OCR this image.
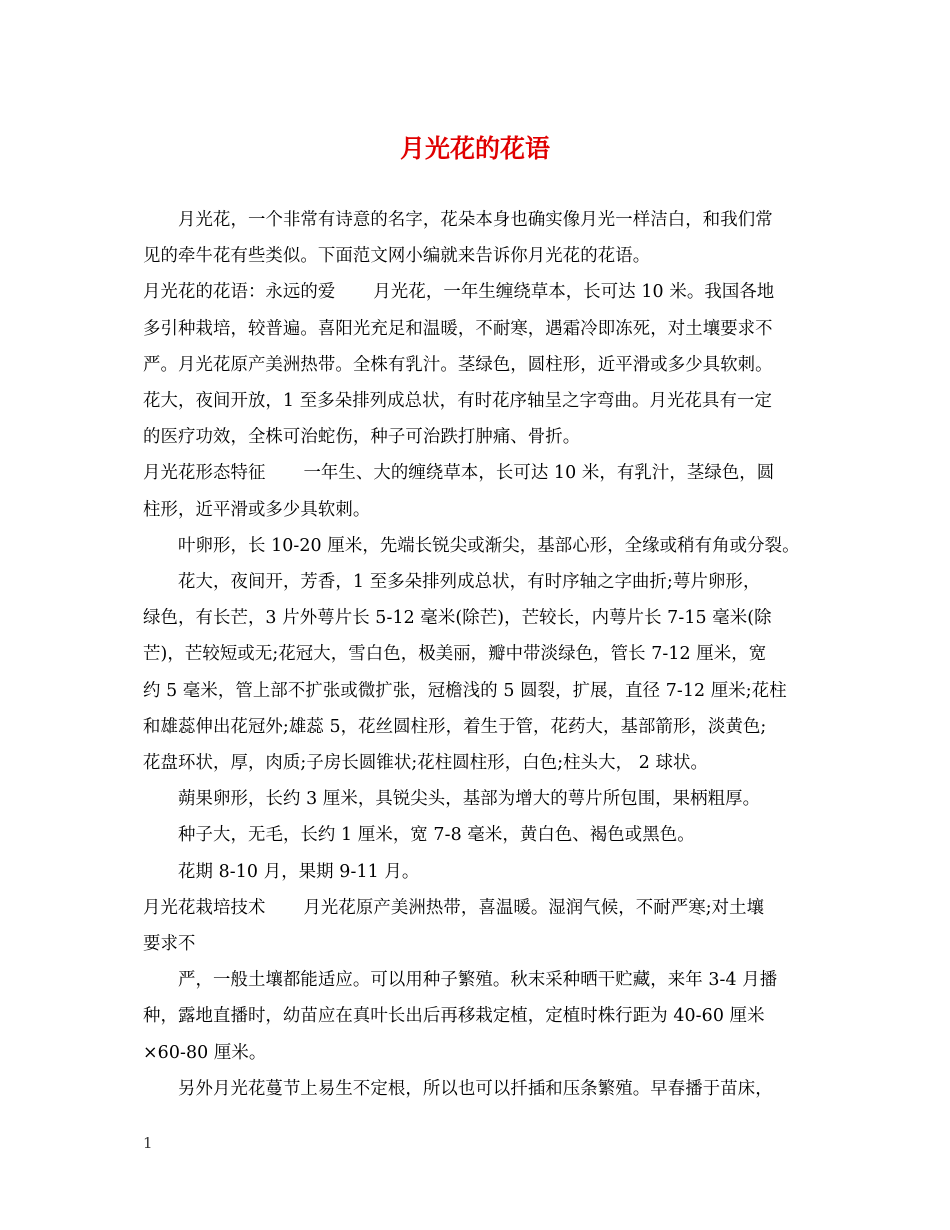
月光花的花语

月光花，一个非常有诗意的名字，花朵本身也确实像月光一样洁白，和我们常

见的牵牛花有些类似。下面范文网小编就来告诉你月光花的花语。

月光花的花语：永远的爱 月光花，一年生缠绕草本，长可达 10 米。我国各地

多引种栽培，较普遍。喜阳光充足和温暖，不耐寒，遇霜冷即冻死，对土壤要求不

严。月光花原产美洲热带。全株有乳汁。茎绿色，圆柱形，近平滑或多少具软刺。

花大，夜间开放，1 至多朵排列成总状，有时花序轴呈之字弯曲。月光花具有一定

的医疗功效，全株可治蛇伤，种子可治跌打肿痛、骨折。

月光花形态特征 一年生、大的缠绕草本，长可达 10 米，有乳汁，茎绿色，圆

柱形，近平滑或多少具软刺。

叶卵形，长 10-20 厘米，先端长锐尖或渐尖，基部心形，全缘或稍有角或分裂。

花大，夜间开，芳香，1 至多朵排列成总状，有时序轴之字曲折;萼片卵形，

绿色，有长芒，3 片外萼片长 5-12 毫米(除芒)，芒较长，内萼片长 7-15 毫米(除

芒)，芒较短或无;花冠大，雪白色，极美丽，瓣中带淡绿色，管长 7-12 厘米，宽

约 5 毫米，管上部不扩张或微扩张，冠檐浅的 5 圆裂，扩展，直径 7-12 厘米;花柱

和雄蕊伸出花冠外;雄蕊 5，花丝圆柱形，着生于管，花药大，基部箭形，淡黄色;

花盘环状，厚，肉质;子房长圆锥状;花柱圆柱形，白色;柱头大， 2 球状。

蒴果卵形，长约 3 厘米，具锐尖头，基部为增大的萼片所包围，果柄粗厚。

种子大，无毛，长约 1 厘米，宽 7-8 毫米，黄白色、褐色或黑色。

花期 8-10 月，果期 9-11 月。

月光花栽培技术 月光花原产美洲热带，喜温暖。湿润气候，不耐严寒;对土壤

要求不

严，一般土壤都能适应。可以用种子繁殖。秋末采种晒干贮藏，来年 3-4 月播

种，露地直播时，幼苗应在真叶长出后再移栽定植，定植时株行距为 40-60 厘米

×60-80 厘米。

另外月光花蔓节上易生不定根，所以也可以扦插和压条繁殖。早春播于苗床，

1
